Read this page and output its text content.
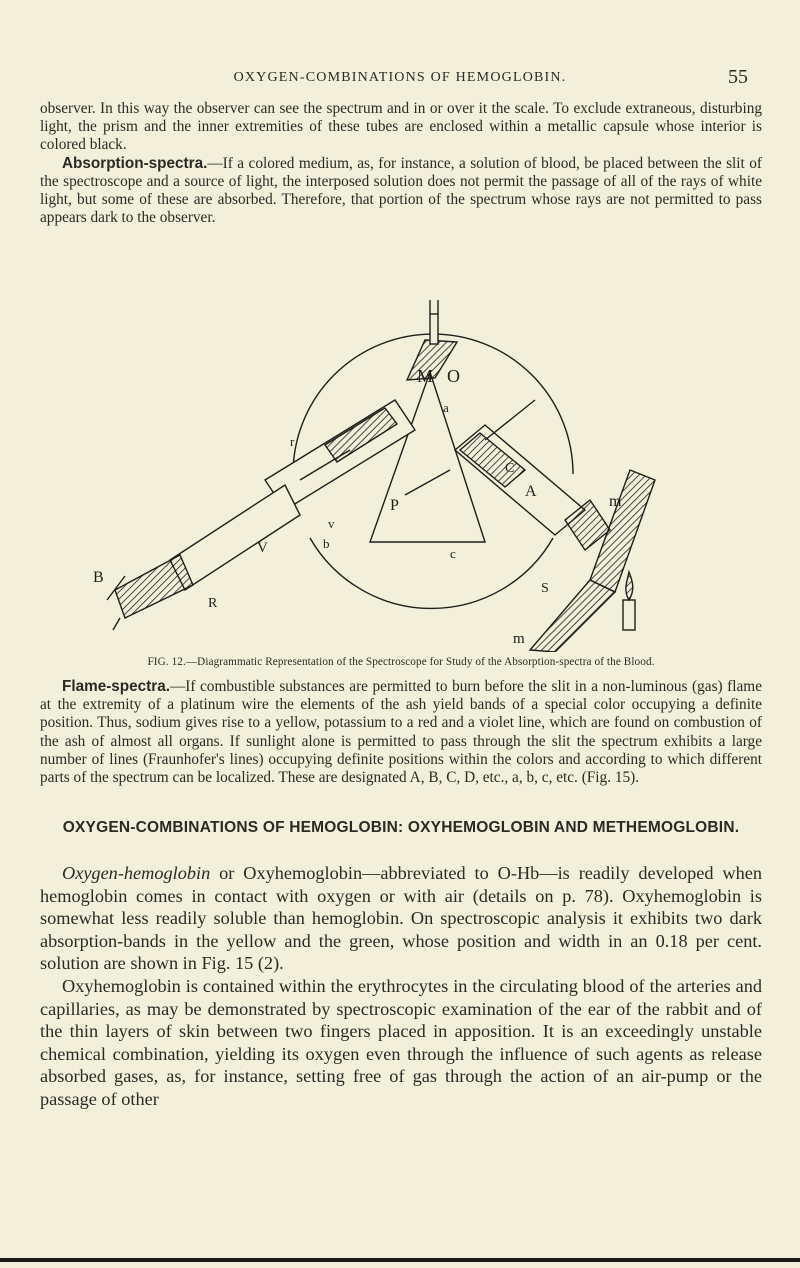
OXYGEN-COMBINATIONS OF HEMOGLOBIN.	55

observer. In this way the observer can see the spectrum and in or over it the scale. To exclude extraneous, disturbing light, the prism and the inner extremities of these tubes are enclosed within a metallic capsule whose interior is colored black.

Absorption-spectra.—If a colored medium, as, for instance, a solution of blood, be placed between the slit of the spectroscope and a source of light, the interposed solution does not permit the passage of all of the rays of white light, but some of these are absorbed. Therefore, that portion of the spectrum whose rays are not permitted to pass appears dark to the observer.

M O
a
r
P
C
A
m
V
v
b
c
B
R
S
m
FIG. 12.—Diagrammatic Representation of the Spectroscope for Study of the Absorption-spectra of the Blood.

Flame-spectra.—If combustible substances are permitted to burn before the slit in a non-luminous (gas) flame at the extremity of a platinum wire the elements of the ash yield bands of a special color occupying a definite position. Thus, sodium gives rise to a yellow, potassium to a red and a violet line, which are found on combustion of the ash of almost all organs. If sunlight alone is permitted to pass through the slit the spectrum exhibits a large number of lines (Fraunhofer's lines) occupying definite positions within the colors and according to which different parts of the spectrum can be localized. These are designated A, B, C, D, etc., a, b, c, etc. (Fig. 15).

OXYGEN-COMBINATIONS OF HEMOGLOBIN: OXYHEMOGLOBIN AND METHEMOGLOBIN.

Oxygen-hemoglobin or Oxyhemoglobin—abbreviated to O-Hb—is readily developed when hemoglobin comes in contact with oxygen or with air (details on p. 78). Oxyhemoglobin is somewhat less readily soluble than hemoglobin. On spectroscopic analysis it exhibits two dark absorption-bands in the yellow and the green, whose position and width in an 0.18 per cent. solution are shown in Fig. 15 (2).

Oxyhemoglobin is contained within the erythrocytes in the circulating blood of the arteries and capillaries, as may be demonstrated by spectroscopic examination of the ear of the rabbit and of the thin layers of skin between two fingers placed in apposition. It is an exceedingly unstable chemical combination, yielding its oxygen even through the influence of such agents as release absorbed gases, as, for instance, setting free of gas through the action of an air-pump or the passage of other
